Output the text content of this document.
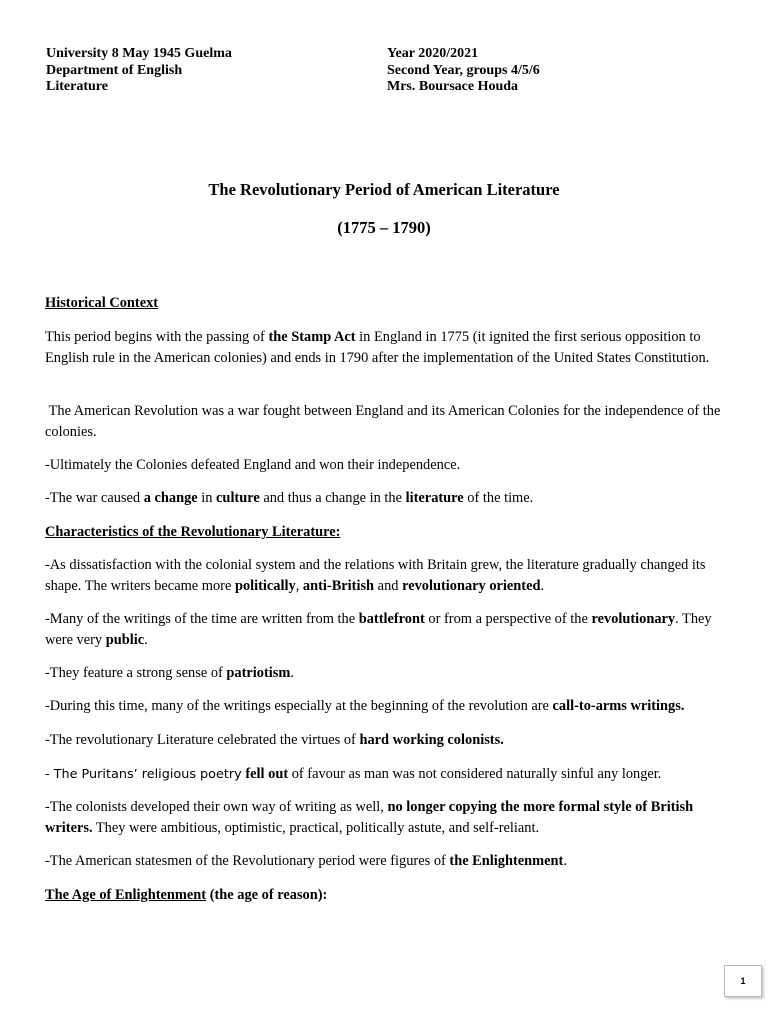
University 8 May 1945 Guelma
Department of English
Literature
Year 2020/2021
Second Year, groups 4/5/6
Mrs. Boursace Houda
The Revolutionary Period of American Literature
(1775 – 1790)
Historical Context
This period begins with the passing of the Stamp Act in England in 1775 (it ignited the first serious opposition to English rule in the American colonies) and ends in 1790 after the implementation of the United States Constitution.
The American Revolution was a war fought between England and its American Colonies for the independence of the colonies.
-Ultimately the Colonies defeated England and won their independence.
-The war caused a change in culture and thus a change in the literature of the time.
Characteristics of the Revolutionary Literature:
-As dissatisfaction with the colonial system and the relations with Britain grew, the literature gradually changed its shape. The writers became more politically, anti-British and revolutionary oriented.
-Many of the writings of the time are written from the battlefront or from a perspective of the revolutionary. They were very public.
-They feature a strong sense of patriotism.
-During this time, many of the writings especially at the beginning of the revolution are call-to-arms writings.
-The revolutionary Literature celebrated the virtues of hard working colonists.
- The Puritans’ religious poetry fell out of favour as man was not considered naturally sinful any longer.
-The colonists developed their own way of writing as well, no longer copying the more formal style of British writers. They were ambitious, optimistic, practical, politically astute, and self-reliant.
-The American statesmen of the Revolutionary period were figures of the Enlightenment.
The Age of Enlightenment (the age of reason):
1
